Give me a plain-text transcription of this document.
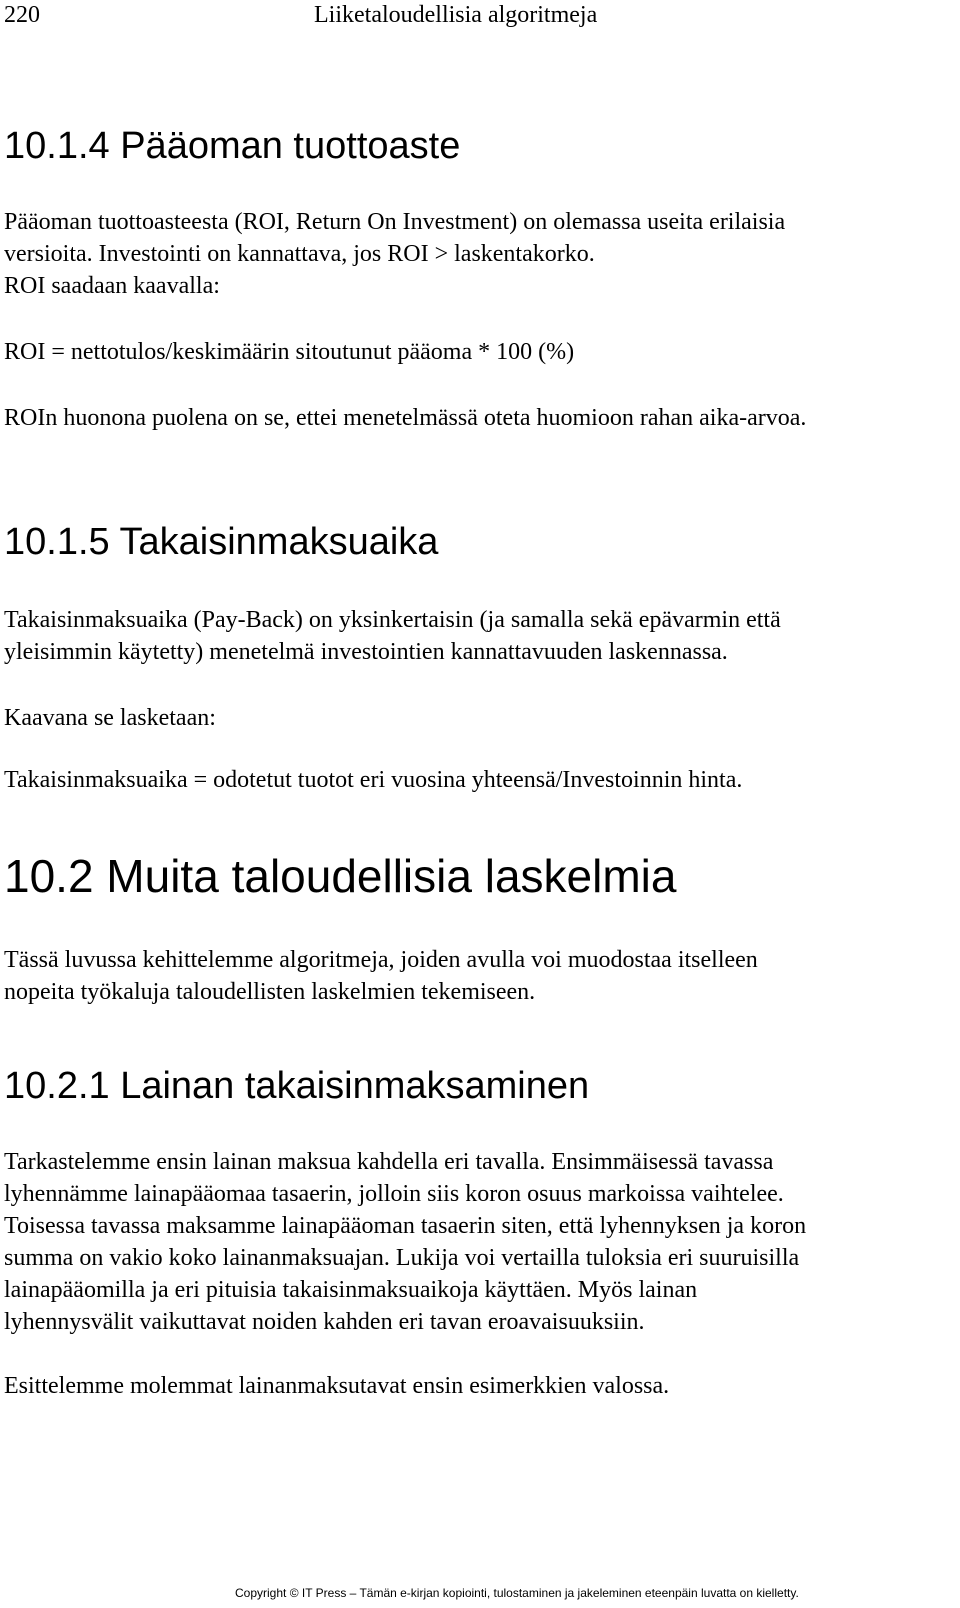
220	Liiketaloudellisia algoritmeja
10.1.4 Pääoman tuottoaste
Pääoman tuottoasteesta (ROI, Return On Investment) on olemassa useita erilaisia
versioita. Investointi on kannattava, jos ROI > laskentakorko.
ROI saadaan kaavalla:
ROI = nettotulos/keskimäärin sitoutunut pääoma * 100 (%)
ROIn huonona puolena on se, ettei menetelmässä oteta huomioon rahan aika-arvoa.
10.1.5 Takaisinmaksuaika
Takaisinmaksuaika (Pay-Back) on yksinkertaisin (ja samalla sekä epävarmin että
yleisimmin käytetty) menetelmä investointien kannattavuuden laskennassa.
Kaavana se lasketaan:
Takaisinmaksuaika = odotetut tuotot eri vuosina yhteensä/Investoinnin hinta.
10.2 Muita taloudellisia laskelmia
Tässä luvussa kehittelemme algoritmeja, joiden avulla voi muodostaa itselleen
nopeita työkaluja taloudellisten laskelmien tekemiseen.
10.2.1 Lainan takaisinmaksaminen
Tarkastelemme ensin lainan maksua kahdella eri tavalla. Ensimmäisessä tavassa
lyhennämme lainapääomaa tasaerin, jolloin siis koron osuus markoissa vaihtelee.
Toisessa tavassa maksamme lainapääoman tasaerin siten, että lyhennyksen ja koron
summa on vakio koko lainanmaksuajan. Lukija voi vertailla tuloksia eri suuruisilla
lainapääomilla ja eri pituisia takaisinmaksuaikoja käyttäen. Myös lainan
lyhennysvälit vaikuttavat noiden kahden eri tavan eroavaisuuksiin.
Esittelemme molemmat lainanmaksutavat ensin esimerkkien valossa.
Copyright © IT Press – Tämän e-kirjan kopiointi, tulostaminen ja jakeleminen eteenpäin luvatta on kielletty.
